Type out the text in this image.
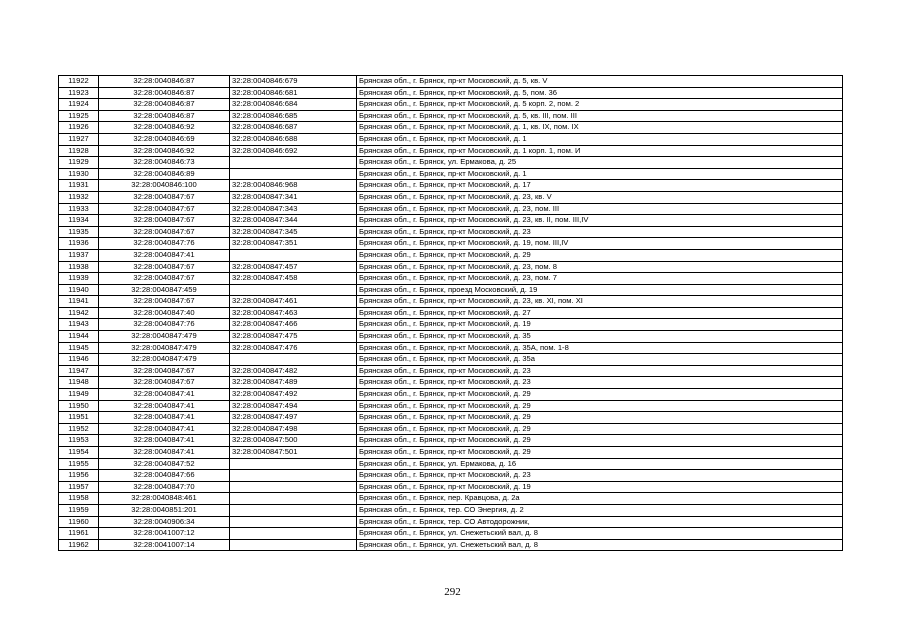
11922	32:28:0040846:87	32:28:0040846:679	Брянская обл., г. Брянск, пр-кт Московский, д. 5, кв. V
11923	32:28:0040846:87	32:28:0040846:681	Брянская обл., г. Брянск, пр-кт Московский, д. 5, пом. 36
11924	32:28:0040846:87	32:28:0040846:684	Брянская обл., г. Брянск, пр-кт Московский, д. 5 корп. 2, пом. 2
11925	32:28:0040846:87	32:28:0040846:685	Брянская обл., г. Брянск, пр-кт Московский, д. 5, кв. III, пом. III
11926	32:28:0040846:92	32:28:0040846:687	Брянская обл., г. Брянск, пр-кт Московский, д. 1, кв. IX, пом. IX
11927	32:28:0040846:69	32:28:0040846:688	Брянская обл., г. Брянск, пр-кт Московский, д. 1
11928	32:28:0040846:92	32:28:0040846:692	Брянская обл., г. Брянск, пр-кт Московский, д. 1 корп. 1, пом. И
11929	32:28:0040846:73		Брянская обл., г. Брянск, ул. Ермакова, д. 25
11930	32:28:0040846:89		Брянская обл., г. Брянск, пр-кт Московский, д. 1
11931	32:28:0040846:100	32:28:0040846:968	Брянская обл., г. Брянск, пр-кт Московский, д. 17
11932	32:28:0040847:67	32:28:0040847:341	Брянская обл., г. Брянск, пр-кт Московский, д. 23, кв. V
11933	32:28:0040847:67	32:28:0040847:343	Брянская обл., г. Брянск, пр-кт Московский, д. 23, пом. III
11934	32:28:0040847:67	32:28:0040847:344	Брянская обл., г. Брянск, пр-кт Московский, д. 23, кв. II, пом. III,IV
11935	32:28:0040847:67	32:28:0040847:345	Брянская обл., г. Брянск, пр-кт Московский, д. 23
11936	32:28:0040847:76	32:28:0040847:351	Брянская обл., г. Брянск, пр-кт Московский, д. 19, пом. III,IV
11937	32:28:0040847:41		Брянская обл., г. Брянск, пр-кт Московский, д. 29
11938	32:28:0040847:67	32:28:0040847:457	Брянская обл., г. Брянск, пр-кт Московский, д. 23, пом. 8
11939	32:28:0040847:67	32:28:0040847:458	Брянская обл., г. Брянск, пр-кт Московский, д. 23, пом. 7
11940	32:28:0040847:459		Брянская обл., г. Брянск, проезд Московский, д. 19
11941	32:28:0040847:67	32:28:0040847:461	Брянская обл., г. Брянск, пр-кт Московский, д. 23, кв. XI, пом. XI
11942	32:28:0040847:40	32:28:0040847:463	Брянская обл., г. Брянск, пр-кт Московский, д. 27
11943	32:28:0040847:76	32:28:0040847:466	Брянская обл., г. Брянск, пр-кт Московский, д. 19
11944	32:28:0040847:479	32:28:0040847:475	Брянская обл., г. Брянск, пр-кт Московский, д. 35
11945	32:28:0040847:479	32:28:0040847:476	Брянская обл., г. Брянск, пр-кт Московский, д. 35А, пом. 1-8
11946	32:28:0040847:479		Брянская обл., г. Брянск, пр-кт Московский, д. 35а
11947	32:28:0040847:67	32:28:0040847:482	Брянская обл., г. Брянск, пр-кт Московский, д. 23
11948	32:28:0040847:67	32:28:0040847:489	Брянская обл., г. Брянск, пр-кт Московский, д. 23
11949	32:28:0040847:41	32:28:0040847:492	Брянская обл., г. Брянск, пр-кт Московский, д. 29
11950	32:28:0040847:41	32:28:0040847:494	Брянская обл., г. Брянск, пр-кт Московский, д. 29
11951	32:28:0040847:41	32:28:0040847:497	Брянская обл., г. Брянск, пр-кт Московский, д. 29
11952	32:28:0040847:41	32:28:0040847:498	Брянская обл., г. Брянск, пр-кт Московский, д. 29
11953	32:28:0040847:41	32:28:0040847:500	Брянская обл., г. Брянск, пр-кт Московский, д. 29
11954	32:28:0040847:41	32:28:0040847:501	Брянская обл., г. Брянск, пр-кт Московский, д. 29
11955	32:28:0040847:52		Брянская обл., г. Брянск, ул. Ермакова, д. 16
11956	32:28:0040847:66		Брянская обл., г. Брянск, пр-кт Московский, д. 23
11957	32:28:0040847:70		Брянская обл., г. Брянск, пр-кт Московский, д. 19
11958	32:28:0040848:461		Брянская обл., г. Брянск, пер. Кравцова, д. 2а
11959	32:28:0040851:201		Брянская обл., г. Брянск, тер. СО Энергия, д. 2
11960	32:28:0040906:34		Брянская обл., г. Брянск, тер. СО Автодорожник,
11961	32:28:0041007:12		Брянская обл., г. Брянск, ул. Снежетьский вал, д. 8
11962	32:28:0041007:14		Брянская обл., г. Брянск, ул. Снежетьский вал, д. 8
292
